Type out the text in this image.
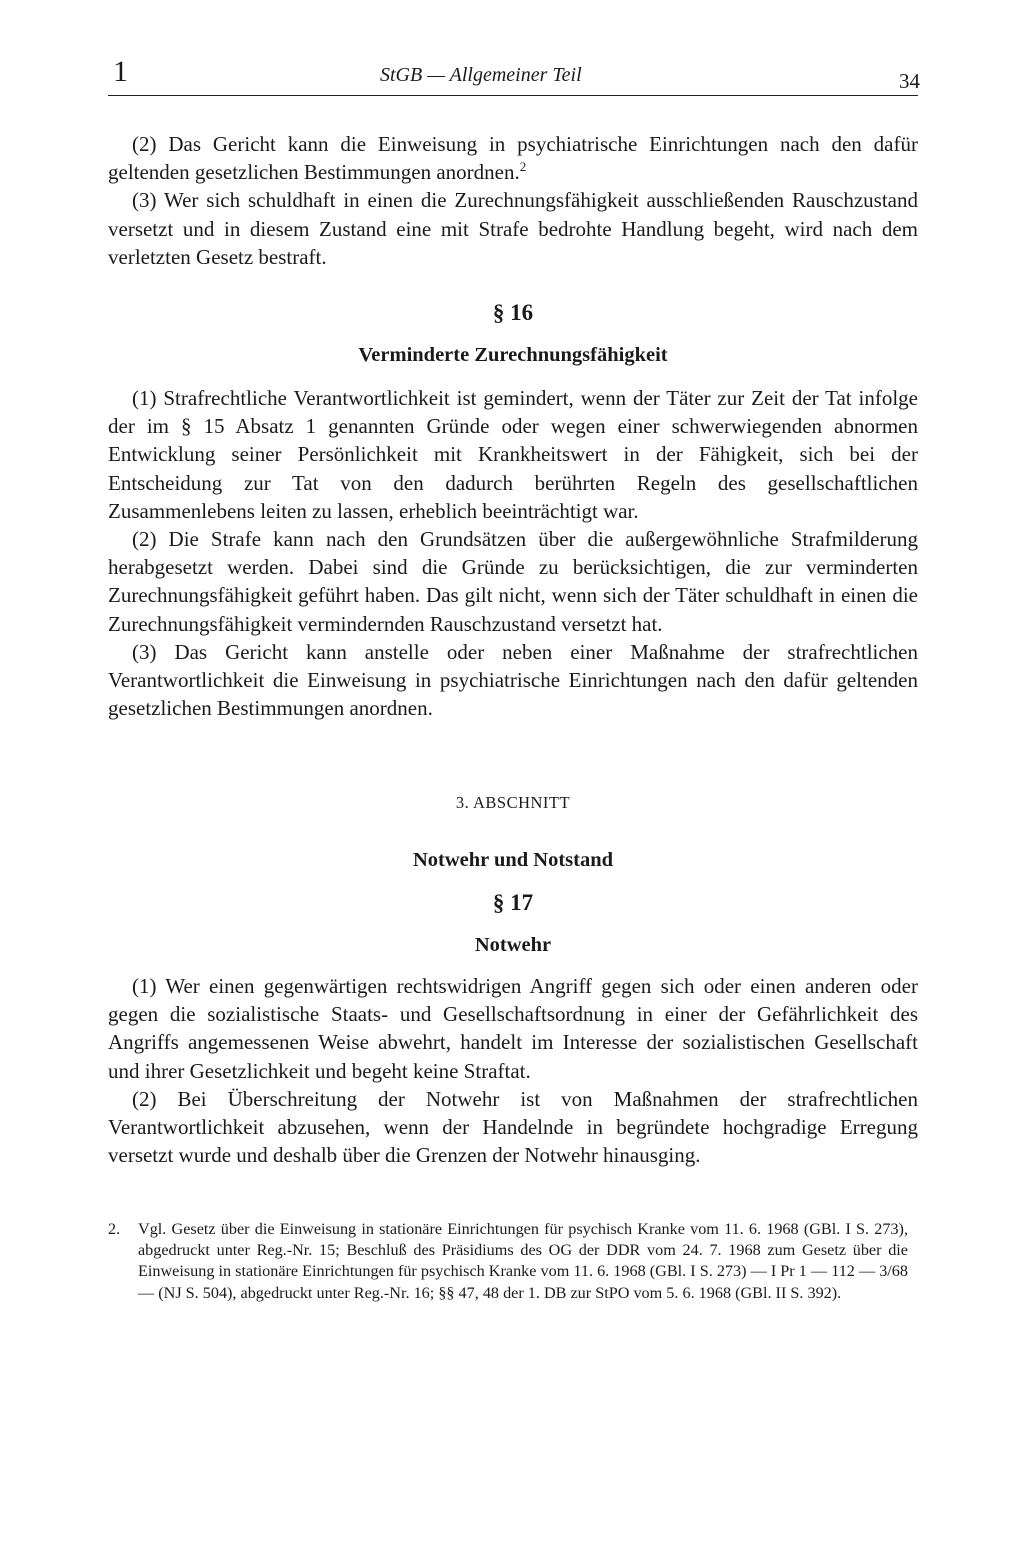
1	StGB — Allgemeiner Teil	34

(2) Das Gericht kann die Einweisung in psychiatrische Einrichtungen nach den dafür geltenden gesetzlichen Bestimmungen anordnen.$^2$

(3) Wer sich schuldhaft in einen die Zurechnungsfähigkeit ausschließenden Rauschzustand versetzt und in diesem Zustand eine mit Strafe bedrohte Handlung begeht, wird nach dem verletzten Gesetz bestraft.

§ 16
Verminderte Zurechnungsfähigkeit

(1) Strafrechtliche Verantwortlichkeit ist gemindert, wenn der Täter zur Zeit der Tat infolge der im § 15 Absatz 1 genannten Gründe oder wegen einer schwerwiegenden abnormen Entwicklung seiner Persönlichkeit mit Krankheitswert in der Fähigkeit, sich bei der Entscheidung zur Tat von den dadurch berührten Regeln des gesellschaftlichen Zusammenlebens leiten zu lassen, erheblich beeinträchtigt war.

(2) Die Strafe kann nach den Grundsätzen über die außergewöhnliche Strafmilderung herabgesetzt werden. Dabei sind die Gründe zu berücksichtigen, die zur verminderten Zurechnungsfähigkeit geführt haben. Das gilt nicht, wenn sich der Täter schuldhaft in einen die Zurechnungsfähigkeit vermindernden Rauschzustand versetzt hat.

(3) Das Gericht kann anstelle oder neben einer Maßnahme der strafrechtlichen Verantwortlichkeit die Einweisung in psychiatrische Einrichtungen nach den dafür geltenden gesetzlichen Bestimmungen anordnen.

3. ABSCHNITT
Notwehr und Notstand
§ 17
Notwehr

(1) Wer einen gegenwärtigen rechtswidrigen Angriff gegen sich oder einen anderen oder gegen die sozialistische Staats- und Gesellschaftsordnung in einer der Gefährlichkeit des Angriffs angemessenen Weise abwehrt, handelt im Interesse der sozialistischen Gesellschaft und ihrer Gesetzlichkeit und begeht keine Straftat.

(2) Bei Überschreitung der Notwehr ist von Maßnahmen der strafrechtlichen Verantwortlichkeit abzusehen, wenn der Handelnde in begründete hochgradige Erregung versetzt wurde und deshalb über die Grenzen der Notwehr hinausging.

2. Vgl. Gesetz über die Einweisung in stationäre Einrichtungen für psychisch Kranke vom 11. 6. 1968 (GBl. I S. 273), abgedruckt unter Reg.-Nr. 15; Beschluß des Präsidiums des OG der DDR vom 24. 7. 1968 zum Gesetz über die Einweisung in stationäre Einrichtungen für psychisch Kranke vom 11. 6. 1968 (GBl. I S. 273) — I Pr 1 — 112 — 3/68 — (NJ S. 504), abgedruckt unter Reg.-Nr. 16; §§ 47, 48 der 1. DB zur StPO vom 5. 6. 1968 (GBl. II S. 392).
